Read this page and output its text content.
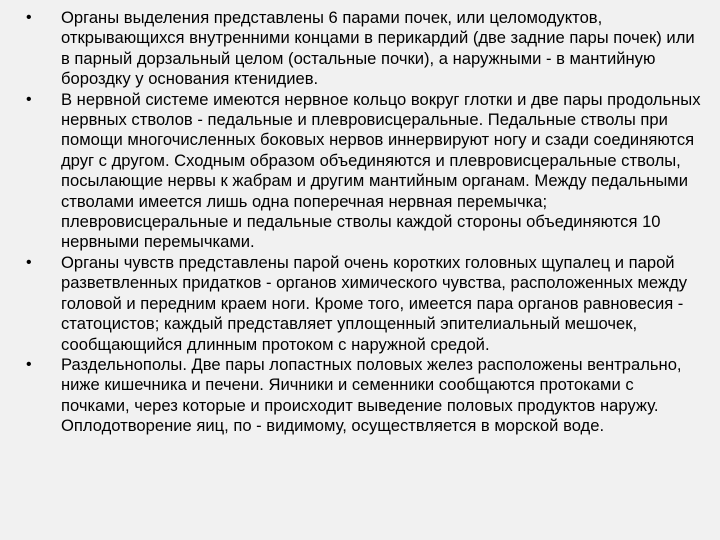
•	Органы выделения представлены 6 парами почек, или целомодуктов, открывающихся внутренними концами в перикардий (две задние пары почек) или в парный дорзальный целом (остальные почки), а наружными - в мантийную бороздку у основания ктенидиев.
•	В нервной системе имеются нервное кольцо вокруг глотки и две пары продольных нервных стволов - педальные и плевровисцеральные. Педальные стволы при помощи многочисленных боковых нервов иннервируют ногу и сзади соединяются друг с другом. Сходным образом объединяются и плевровисцеральные стволы, посылающие нервы к жабрам и другим мантийным органам. Между педальными стволами имеется лишь одна поперечная нервная перемычка; плевровисцеральные и педальные стволы каждой стороны объединяются 10 нервными перемычками.
•	Органы чувств представлены парой очень коротких головных щупалец и парой разветвленных придатков - органов химического чувства, расположенных между головой и передним краем ноги. Кроме того, имеется пара органов равновесия - статоцистов; каждый представляет уплощенный эпителиальный мешочек, сообщающийся длинным протоком с наружной средой.
•	Раздельнополы. Две пары лопастных половых желез расположены вентрально, ниже кишечника и печени. Яичники и семенники сообщаются протоками с почками, через которые и происходит выведение половых продуктов наружу. Оплодотворение яиц, по - видимому, осуществляется в морской воде.
